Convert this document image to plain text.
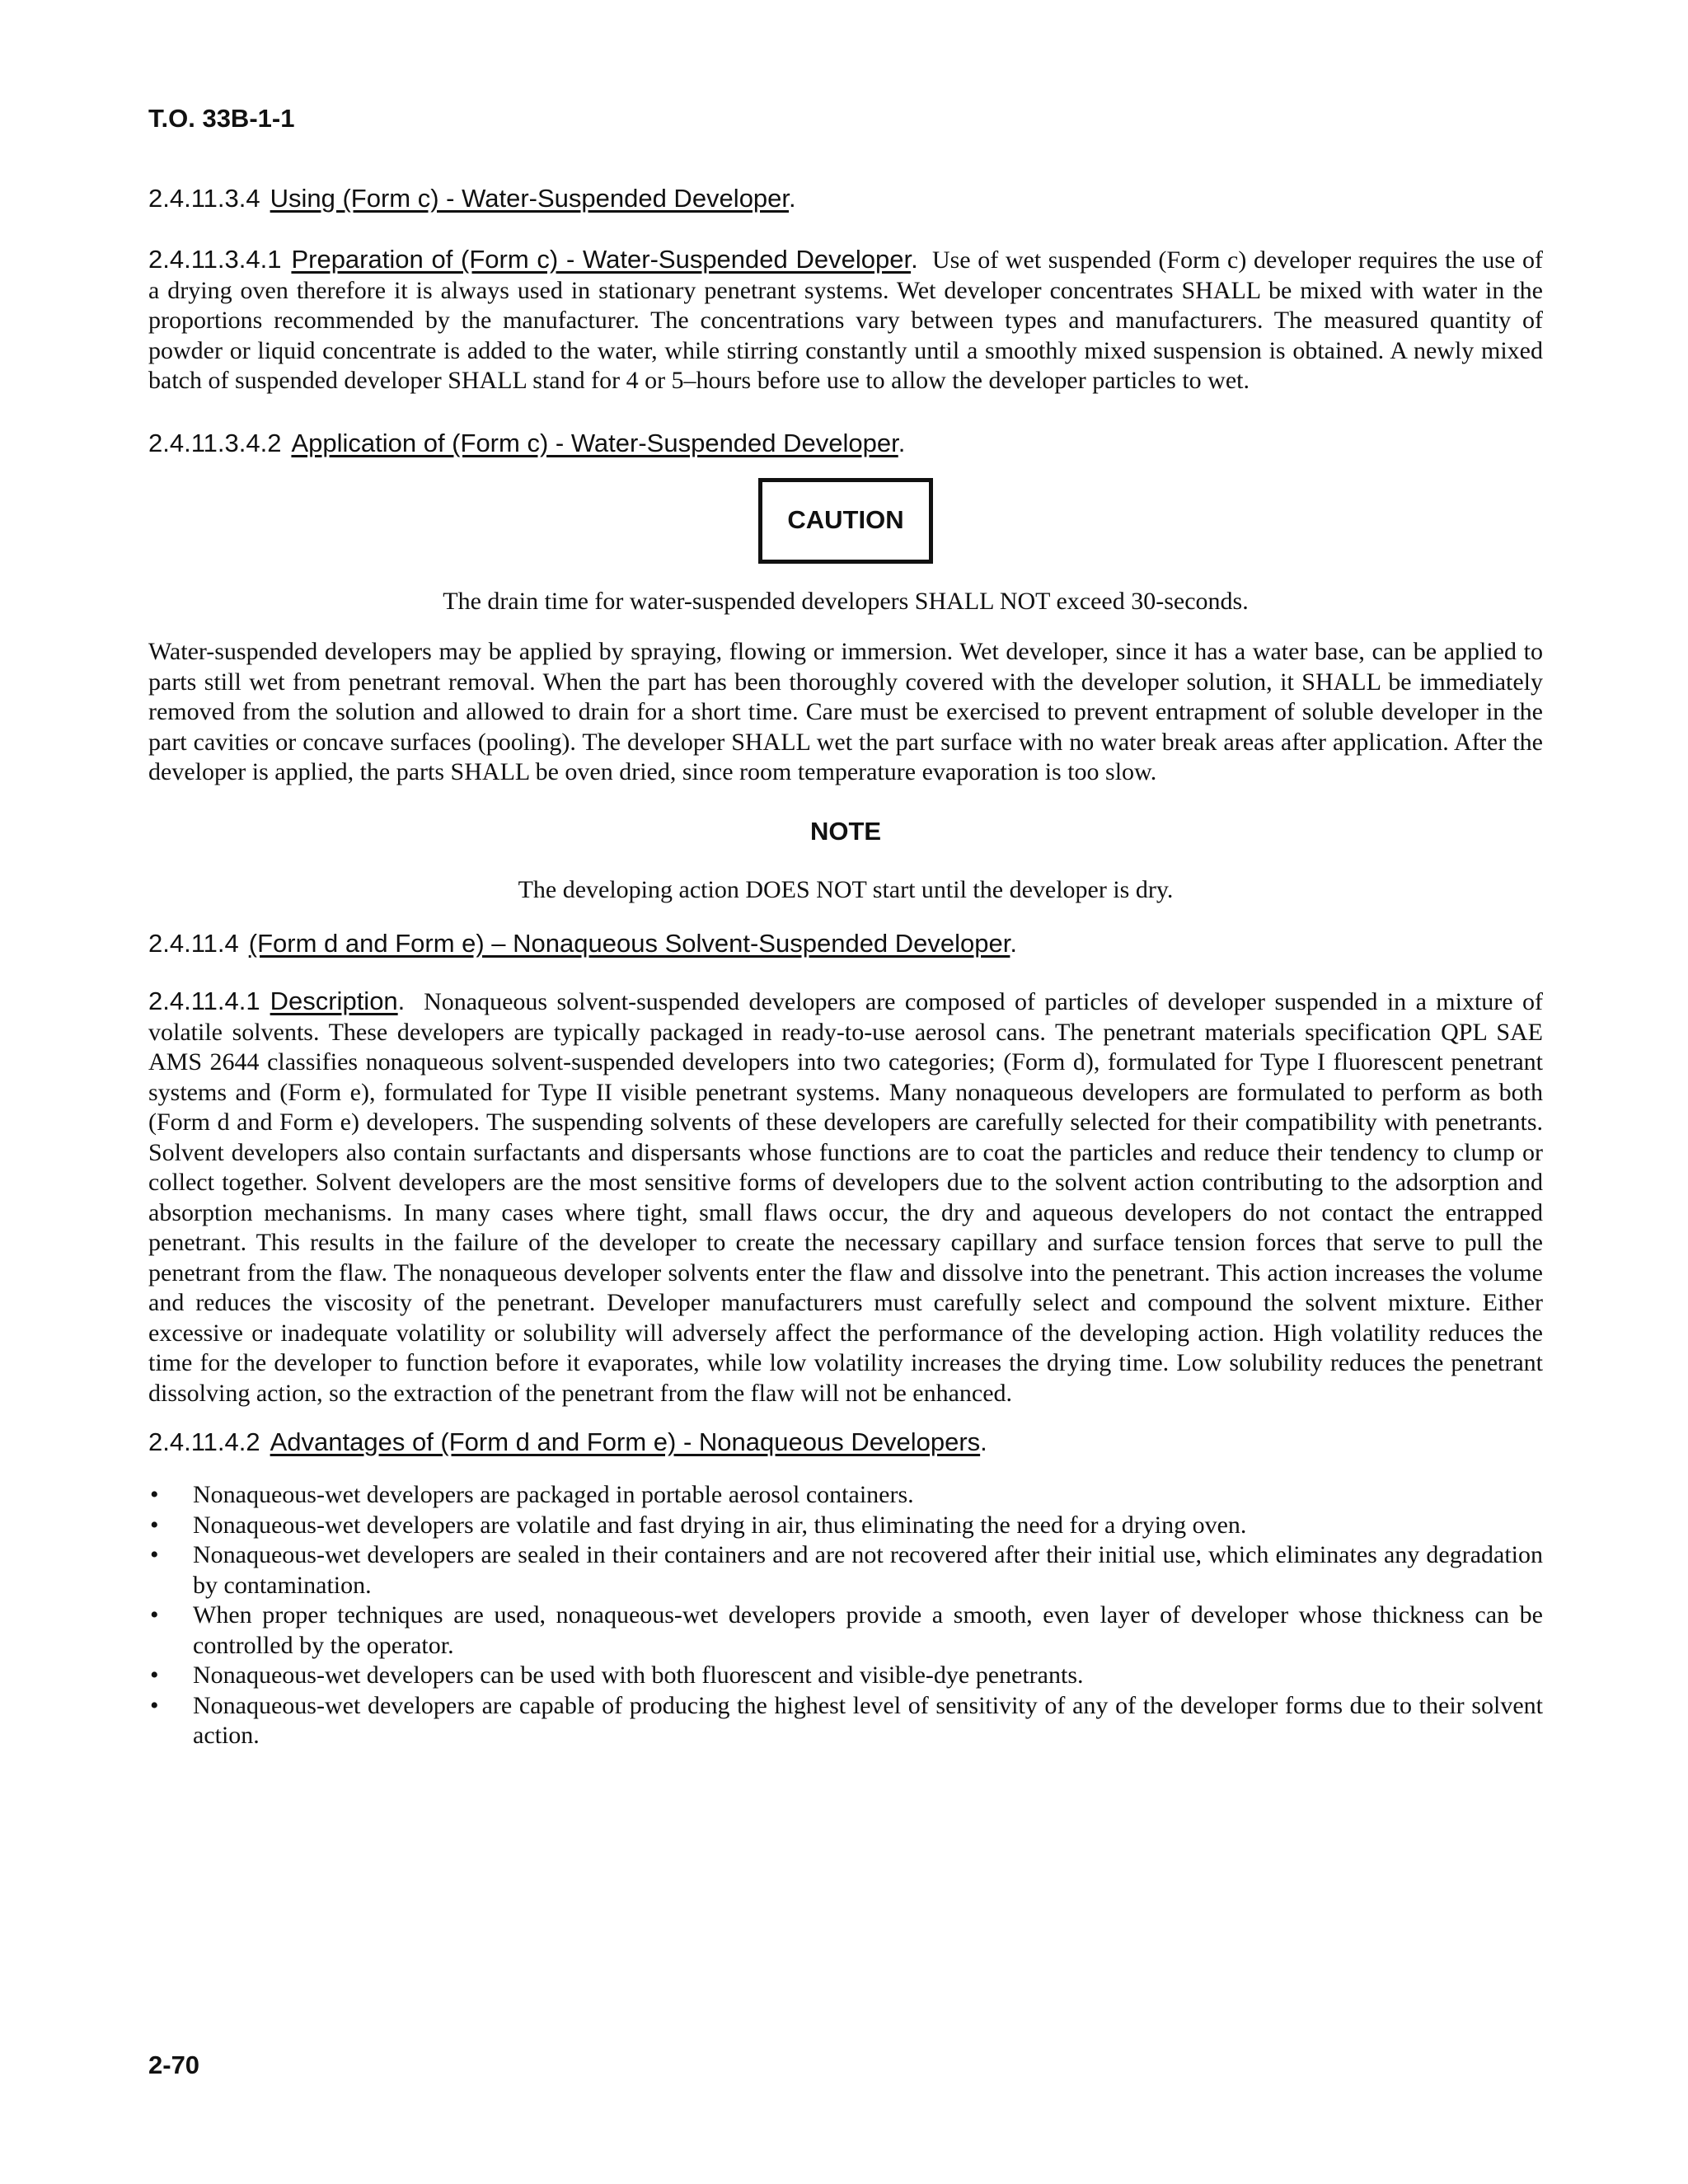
T.O. 33B-1-1

2.4.11.3.4 Using (Form c) - Water-Suspended Developer.

2.4.11.3.4.1 Preparation of (Form c) - Water-Suspended Developer. Use of wet suspended (Form c) developer requires the use of a drying oven therefore it is always used in stationary penetrant systems. Wet developer concentrates SHALL be mixed with water in the proportions recommended by the manufacturer. The concentrations vary between types and manufacturers. The measured quantity of powder or liquid concentrate is added to the water, while stirring constantly until a smoothly mixed suspension is obtained. A newly mixed batch of suspended developer SHALL stand for 4 or 5–hours before use to allow the developer particles to wet.

2.4.11.3.4.2 Application of (Form c) - Water-Suspended Developer.

CAUTION

The drain time for water-suspended developers SHALL NOT exceed 30-seconds.

Water-suspended developers may be applied by spraying, flowing or immersion. Wet developer, since it has a water base, can be applied to parts still wet from penetrant removal. When the part has been thoroughly covered with the developer solution, it SHALL be immediately removed from the solution and allowed to drain for a short time. Care must be exercised to prevent entrapment of soluble developer in the part cavities or concave surfaces (pooling). The developer SHALL wet the part surface with no water break areas after application. After the developer is applied, the parts SHALL be oven dried, since room temperature evaporation is too slow.

NOTE

The developing action DOES NOT start until the developer is dry.

2.4.11.4 (Form d and Form e) – Nonaqueous Solvent-Suspended Developer.

2.4.11.4.1 Description. Nonaqueous solvent-suspended developers are composed of particles of developer suspended in a mixture of volatile solvents. These developers are typically packaged in ready-to-use aerosol cans. The penetrant materials specification QPL SAE AMS 2644 classifies nonaqueous solvent-suspended developers into two categories; (Form d), formulated for Type I fluorescent penetrant systems and (Form e), formulated for Type II visible penetrant systems. Many nonaqueous developers are formulated to perform as both (Form d and Form e) developers. The suspending solvents of these developers are carefully selected for their compatibility with penetrants. Solvent developers also contain surfactants and dispersants whose functions are to coat the particles and reduce their tendency to clump or collect together. Solvent developers are the most sensitive forms of developers due to the solvent action contributing to the adsorption and absorption mechanisms. In many cases where tight, small flaws occur, the dry and aqueous developers do not contact the entrapped penetrant. This results in the failure of the developer to create the necessary capillary and surface tension forces that serve to pull the penetrant from the flaw. The nonaqueous developer solvents enter the flaw and dissolve into the penetrant. This action increases the volume and reduces the viscosity of the penetrant. Developer manufacturers must carefully select and compound the solvent mixture. Either excessive or inadequate volatility or solubility will adversely affect the performance of the developing action. High volatility reduces the time for the developer to function before it evaporates, while low volatility increases the drying time. Low solubility reduces the penetrant dissolving action, so the extraction of the penetrant from the flaw will not be enhanced.

2.4.11.4.2 Advantages of (Form d and Form e) - Nonaqueous Developers.

• Nonaqueous-wet developers are packaged in portable aerosol containers.
• Nonaqueous-wet developers are volatile and fast drying in air, thus eliminating the need for a drying oven.
• Nonaqueous-wet developers are sealed in their containers and are not recovered after their initial use, which eliminates any degradation by contamination.
• When proper techniques are used, nonaqueous-wet developers provide a smooth, even layer of developer whose thickness can be controlled by the operator.
• Nonaqueous-wet developers can be used with both fluorescent and visible-dye penetrants.
• Nonaqueous-wet developers are capable of producing the highest level of sensitivity of any of the developer forms due to their solvent action.
2-70
